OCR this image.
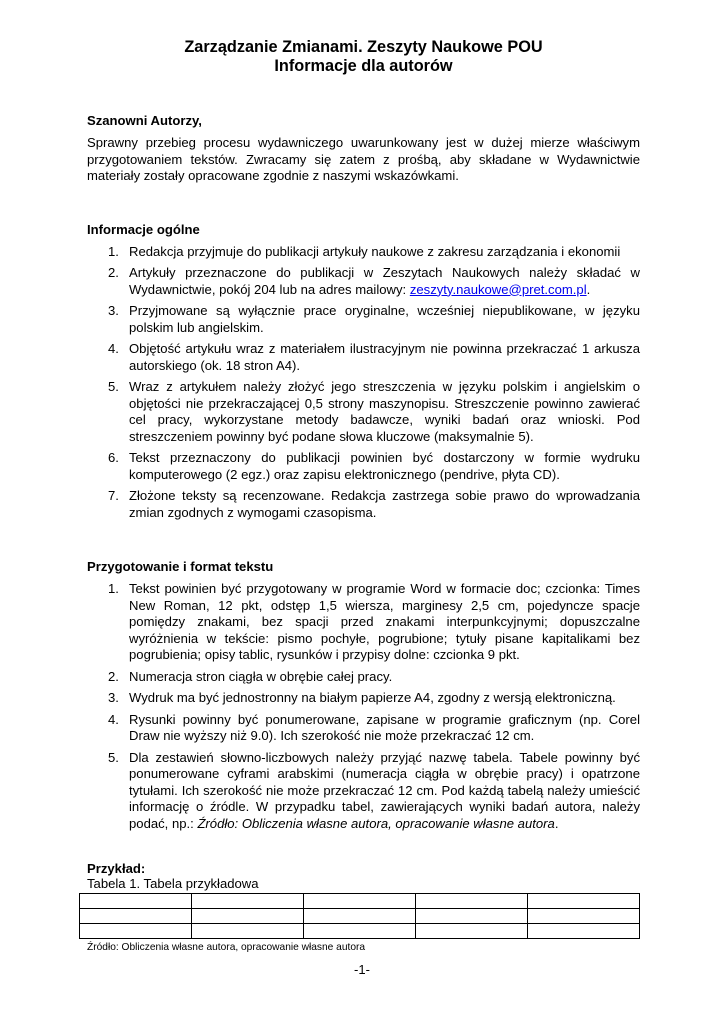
Zarządzanie Zmianami. Zeszyty Naukowe POU
Informacje dla autorów

Szanowni Autorzy,

Sprawny przebieg procesu wydawniczego uwarunkowany jest w dużej mierze właściwym przygotowaniem tekstów. Zwracamy się zatem z prośbą, aby składane w Wydawnictwie materiały zostały opracowane zgodnie z naszymi wskazówkami.

Informacje ogólne

1. Redakcja przyjmuje do publikacji artykuły naukowe z zakresu zarządzania i ekonomii
2. Artykuły przeznaczone do publikacji w Zeszytach Naukowych należy składać w Wydawnictwie, pokój 204 lub na adres mailowy: zeszyty.naukowe@pret.com.pl.
3. Przyjmowane są wyłącznie prace oryginalne, wcześniej niepublikowane, w języku polskim lub angielskim.
4. Objętość artykułu wraz z materiałem ilustracyjnym nie powinna przekraczać 1 arkusza autorskiego (ok. 18 stron A4).
5. Wraz z artykułem należy złożyć jego streszczenia w języku polskim i angielskim o objętości nie przekraczającej 0,5 strony maszynopisu. Streszczenie powinno zawierać cel pracy, wykorzystane metody badawcze, wyniki badań oraz wnioski. Pod streszczeniem powinny być podane słowa kluczowe (maksymalnie 5).
6. Tekst przeznaczony do publikacji powinien być dostarczony w formie wydruku komputerowego (2 egz.) oraz zapisu elektronicznego (pendrive, płyta CD).
7. Złożone teksty są recenzowane. Redakcja zastrzega sobie prawo do wprowadzania zmian zgodnych z wymogami czasopisma.

Przygotowanie i format tekstu

1. Tekst powinien być przygotowany w programie Word w formacie doc; czcionka: Times New Roman, 12 pkt, odstęp 1,5 wiersza, marginesy 2,5 cm, pojedyncze spacje pomiędzy znakami, bez spacji przed znakami interpunkcyjnymi; dopuszczalne wyróżnienia w tekście: pismo pochyłe, pogrubione; tytuły pisane kapitalikami bez pogrubienia; opisy tablic, rysunków i przypisy dolne: czcionka 9 pkt.
2. Numeracja stron ciągła w obrębie całej pracy.
3. Wydruk ma być jednostronny na białym papierze A4, zgodny z wersją elektroniczną.
4. Rysunki powinny być ponumerowane, zapisane w programie graficznym (np. Corel Draw nie wyższy niż 9.0). Ich szerokość nie może przekraczać 12 cm.
5. Dla zestawień słowno-liczbowych należy przyjąć nazwę tabela. Tabele powinny być ponumerowane cyframi arabskimi (numeracja ciągła w obrębie pracy) i opatrzone tytułami. Ich szerokość nie może przekraczać 12 cm. Pod każdą tabelą należy umieścić informację o źródle. W przypadku tabel, zawierających wyniki badań autora, należy podać, np.: Źródło: Obliczenia własne autora, opracowanie własne autora.

Przykład:

Tabela 1. Tabela przykładowa

Źródło: Obliczenia własne autora, opracowanie własne autora

-1-
